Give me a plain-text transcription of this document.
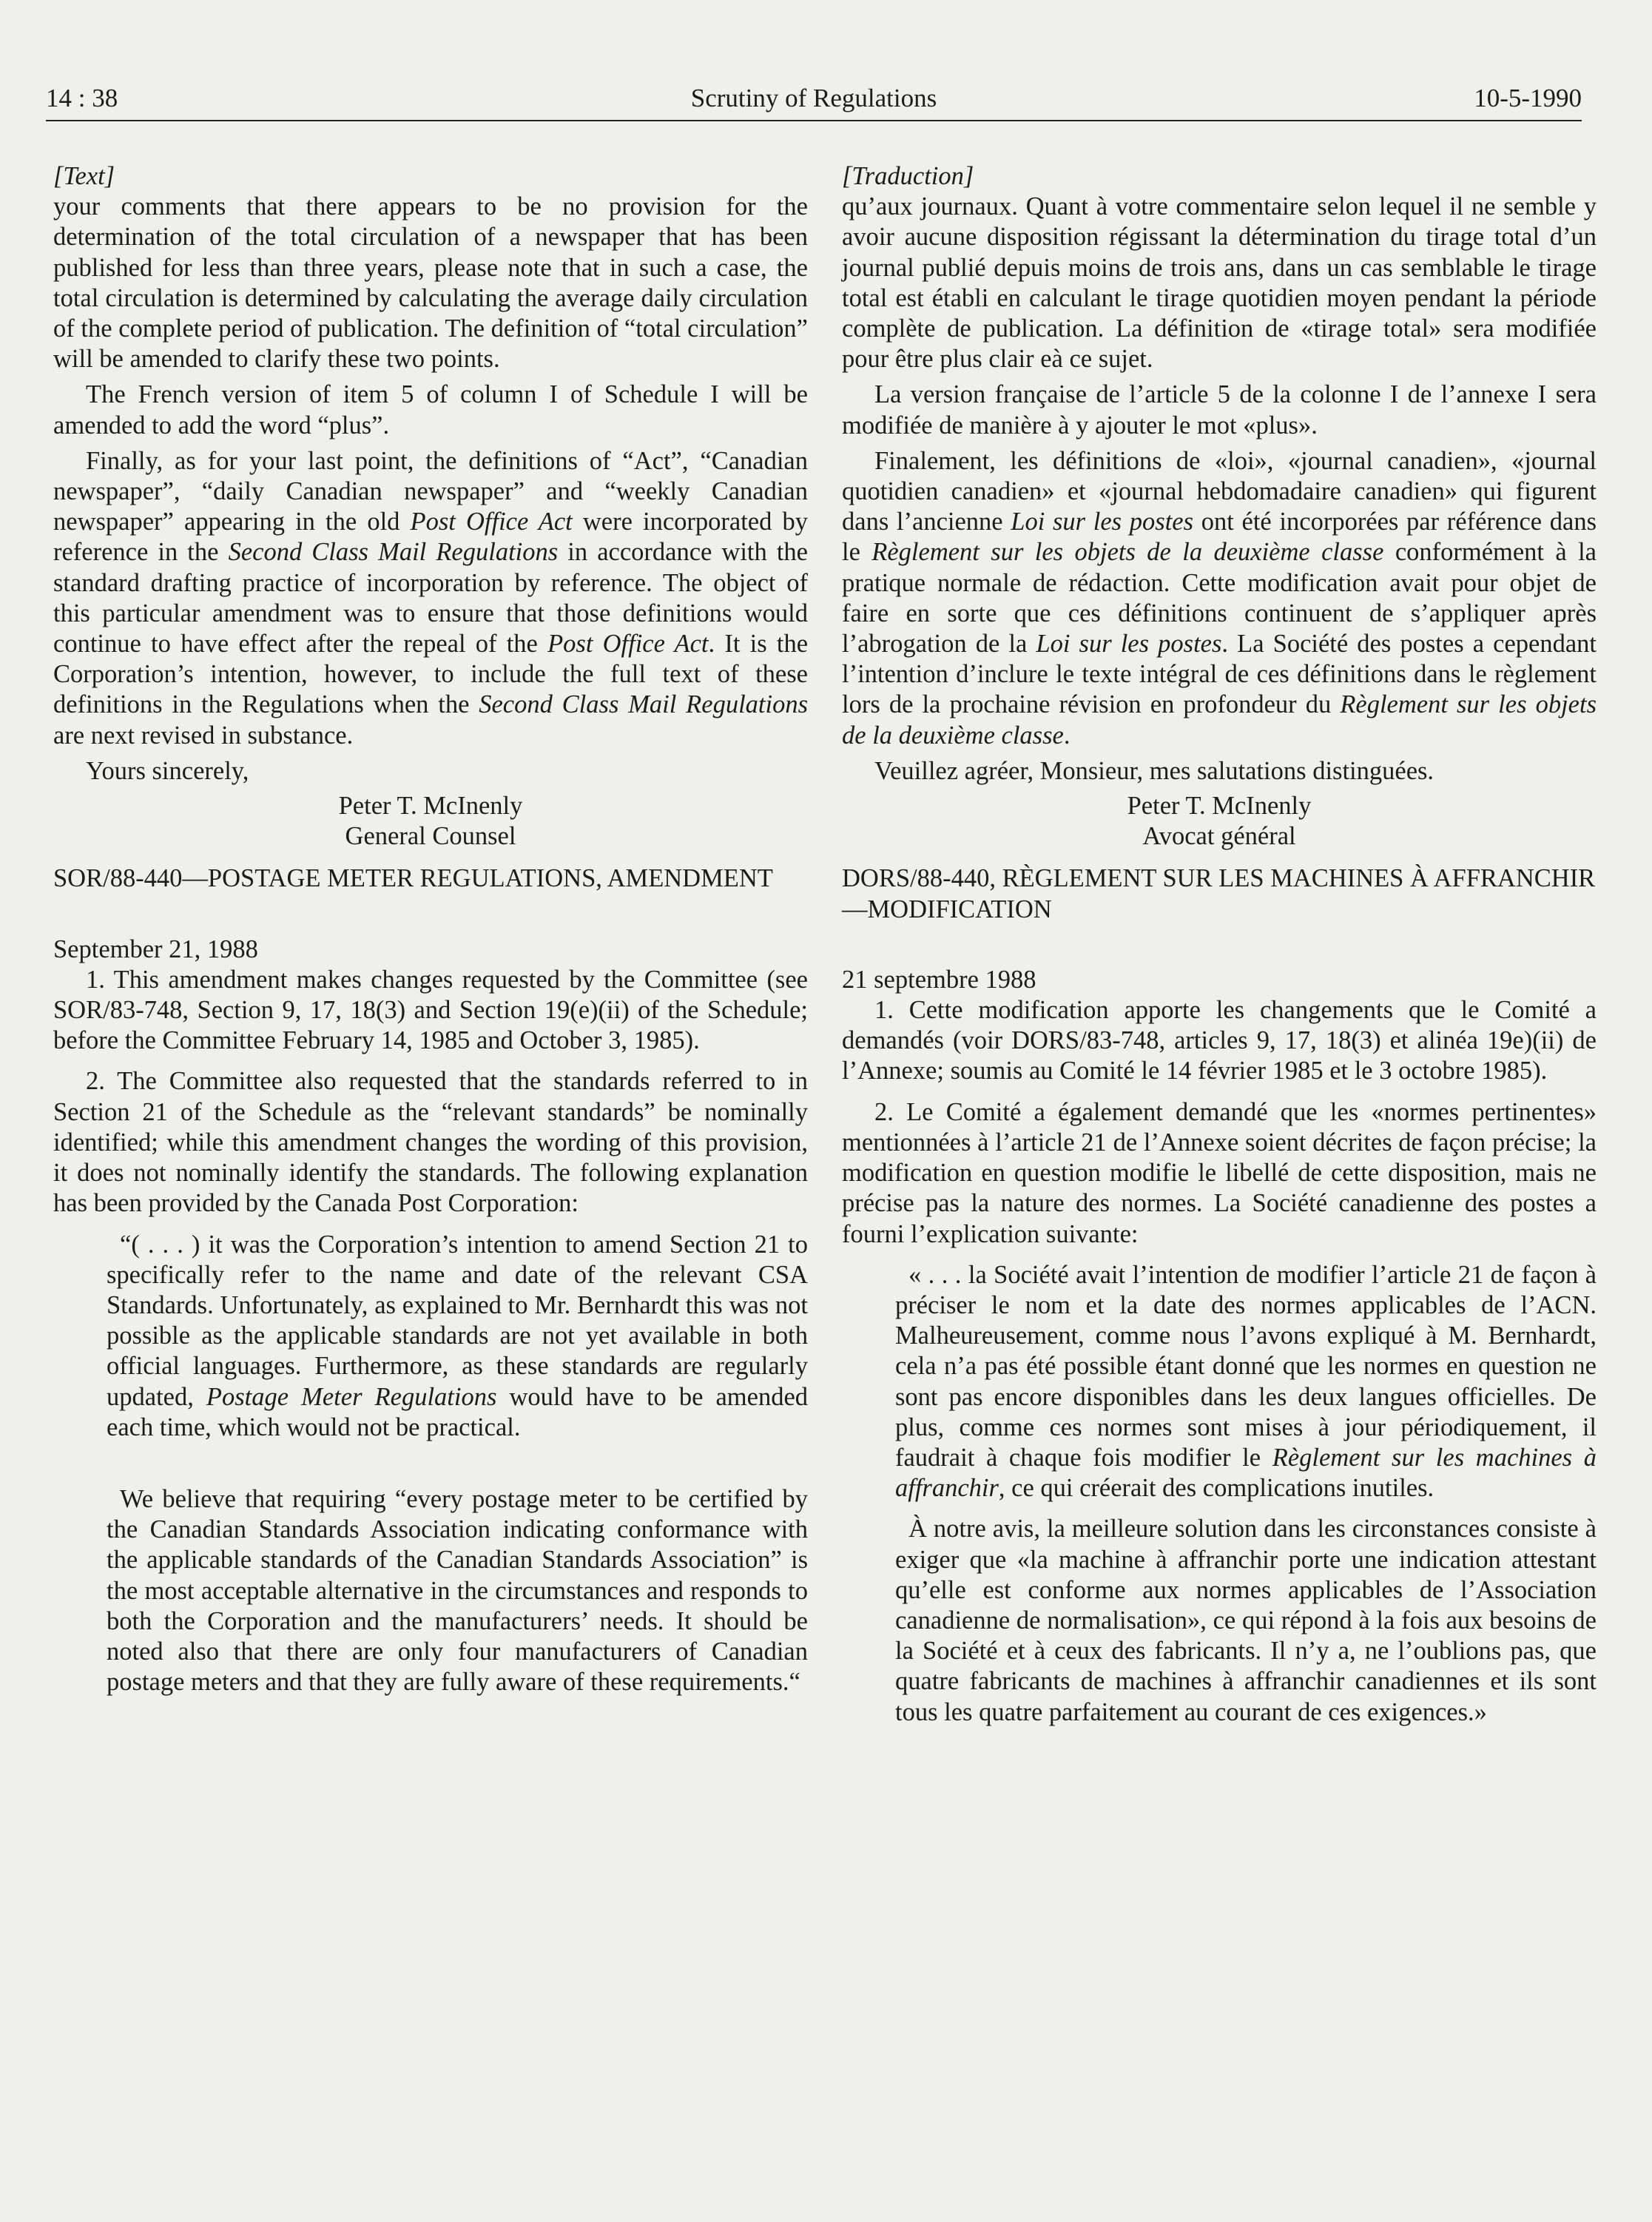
14 : 38	Scrutiny of Regulations	10-5-1990

[Text]

your comments that there appears to be no provision for the determination of the total circulation of a newspaper that has been published for less than three years, please note that in such a case, the total circulation is determined by calculating the average daily circulation of the complete period of publication. The definition of “total circulation” will be amended to clarify these two points.

The French version of item 5 of column I of Schedule I will be amended to add the word “plus”.

Finally, as for your last point, the definitions of “Act”, “Canadian newspaper”, “daily Canadian newspaper” and “weekly Canadian newspaper” appearing in the old Post Office Act were incorporated by reference in the Second Class Mail Regulations in accordance with the standard drafting practice of incorporation by reference. The object of this particular amendment was to ensure that those definitions would continue to have effect after the repeal of the Post Office Act. It is the Corporation’s intention, however, to include the full text of these definitions in the Regulations when the Second Class Mail Regulations are next revised in substance.

Yours sincerely,

Peter T. McInenly

General Counsel

SOR/88-440—POSTAGE METER REGULATIONS, AMENDMENT

September 21, 1988

1. This amendment makes changes requested by the Committee (see SOR/83-748, Section 9, 17, 18(3) and Section 19(e)(ii) of the Schedule; before the Committee February 14, 1985 and October 3, 1985).

2. The Committee also requested that the standards referred to in Section 21 of the Schedule as the “relevant standards” be nominally identified; while this amendment changes the wording of this provision, it does not nominally identify the standards. The following explanation has been provided by the Canada Post Corporation:

“( . . . ) it was the Corporation’s intention to amend Section 21 to specifically refer to the name and date of the relevant CSA Standards. Unfortunately, as explained to Mr. Bernhardt this was not possible as the applicable standards are not yet available in both official languages. Furthermore, as these standards are regularly updated, Postage Meter Regulations would have to be amended each time, which would not be practical.

We believe that requiring “every postage meter to be certified by the Canadian Standards Association indicating conformance with the applicable standards of the Canadian Standards Association” is the most acceptable alternative in the circumstances and responds to both the Corporation and the manufacturers’ needs. It should be noted also that there are only four manufacturers of Canadian postage meters and that they are fully aware of these requirements.“

[Traduction]

qu’aux journaux. Quant à votre commentaire selon lequel il ne semble y avoir aucune disposition régissant la détermination du tirage total d’un journal publié depuis moins de trois ans, dans un cas semblable le tirage total est établi en calculant le tirage quotidien moyen pendant la période complète de publication. La définition de «tirage total» sera modifiée pour être plus clair eà ce sujet.

La version française de l’article 5 de la colonne I de l’annexe I sera modifiée de manière à y ajouter le mot «plus».

Finalement, les définitions de «loi», «journal canadien», «journal quotidien canadien» et «journal hebdomadaire canadien» qui figurent dans l’ancienne Loi sur les postes ont été incorporées par référence dans le Règlement sur les objets de la deuxième classe conformément à la pratique normale de rédaction. Cette modification avait pour objet de faire en sorte que ces définitions continuent de s’appliquer après l’abrogation de la Loi sur les postes. La Société des postes a cependant l’intention d’inclure le texte intégral de ces définitions dans le règlement lors de la prochaine révision en profondeur du Règlement sur les objets de la deuxième classe.

Veuillez agréer, Monsieur, mes salutations distinguées.

Peter T. McInenly

Avocat général

DORS/88-440, RÈGLEMENT SUR LES MACHINES À AFFRANCHIR—MODIFICATION

21 septembre 1988

1. Cette modification apporte les changements que le Comité a demandés (voir DORS/83-748, articles 9, 17, 18(3) et alinéa 19e)(ii) de l’Annexe; soumis au Comité le 14 février 1985 et le 3 octobre 1985).

2. Le Comité a également demandé que les «normes pertinentes» mentionnées à l’article 21 de l’Annexe soient décrites de façon précise; la modification en question modifie le libellé de cette disposition, mais ne précise pas la nature des normes. La Société canadienne des postes a fourni l’explication suivante:

« . . . la Société avait l’intention de modifier l’article 21 de façon à préciser le nom et la date des normes applicables de l’ACN. Malheureusement, comme nous l’avons expliqué à M. Bernhardt, cela n’a pas été possible étant donné que les normes en question ne sont pas encore disponibles dans les deux langues officielles. De plus, comme ces normes sont mises à jour périodiquement, il faudrait à chaque fois modifier le Règlement sur les machines à affranchir, ce qui créerait des complications inutiles.

À notre avis, la meilleure solution dans les circonstances consiste à exiger que «la machine à affranchir porte une indication attestant qu’elle est conforme aux normes applicables de l’Association canadienne de normalisation», ce qui répond à la fois aux besoins de la Société et à ceux des fabricants. Il n’y a, ne l’oublions pas, que quatre fabricants de machines à affranchir canadiennes et ils sont tous les quatre parfaitement au courant de ces exigences.»
